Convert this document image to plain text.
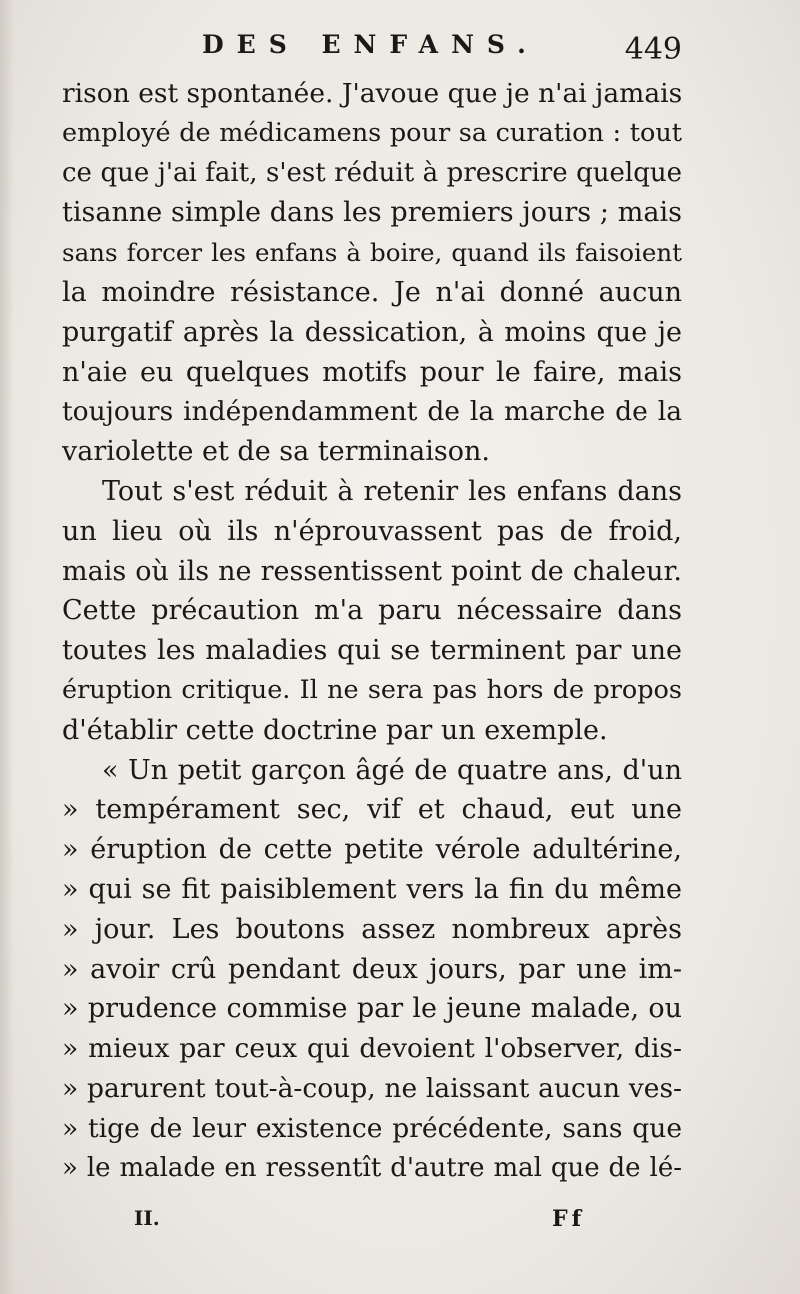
DES ENFANS.	449
rison est spontanée. J'avoue que je n'ai jamais
employé de médicamens pour sa curation : tout
ce que j'ai fait, s'est réduit à prescrire quelque
tisanne simple dans les premiers jours ; mais
sans forcer les enfans à boire, quand ils faisoient
la moindre résistance. Je n'ai donné aucun
purgatif après la dessication, à moins que je
n'aie eu quelques motifs pour le faire, mais
toujours indépendamment de la marche de la
variolette et de sa terminaison.
Tout s'est réduit à retenir les enfans dans
un lieu où ils n'éprouvassent pas de froid,
mais où ils ne ressentissent point de chaleur.
Cette précaution m'a paru nécessaire dans
toutes les maladies qui se terminent par une
éruption critique. Il ne sera pas hors de propos
d'établir cette doctrine par un exemple.
« Un petit garçon âgé de quatre ans, d'un
» tempérament sec, vif et chaud, eut une
» éruption de cette petite vérole adultérine,
» qui se fit paisiblement vers la fin du même
» jour. Les boutons assez nombreux après
» avoir crû pendant deux jours, par une im-
» prudence commise par le jeune malade, ou
» mieux par ceux qui devoient l'observer, dis-
» parurent tout-à-coup, ne laissant aucun ves-
» tige de leur existence précédente, sans que
» le malade en ressentît d'autre mal que de lé-
II.	Ff
